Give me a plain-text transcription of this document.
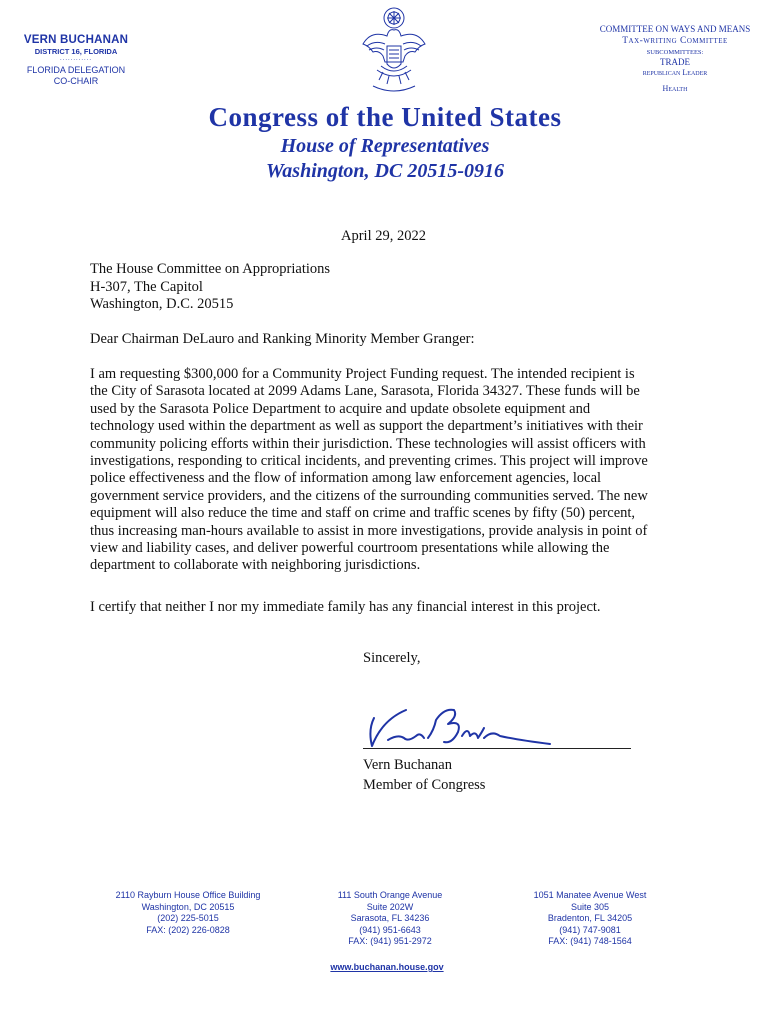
VERN BUCHANAN
DISTRICT 16, FLORIDA
............
FLORIDA DELEGATION
CO-CHAIR
COMMITTEE ON WAYS AND MEANS
Tax-writing Committee
SUBCOMMITTEES:
TRADE
republican Leader
Health
Congress of the United States
House of Representatives
Washington, DC 20515-0916
April 29, 2022
The House Committee on Appropriations
H-307, The Capitol
Washington, D.C. 20515
Dear Chairman DeLauro and Ranking Minority Member Granger:
I am requesting $300,000 for a Community Project Funding request. The intended recipient is
the City of Sarasota located at 2099 Adams Lane, Sarasota, Florida 34327. These funds will be
used by the Sarasota Police Department to acquire and update obsolete equipment and
technology used within the department as well as support the department’s initiatives with their
community policing efforts within their jurisdiction. These technologies will assist officers with
investigations, responding to critical incidents, and preventing crimes. This project will improve
police effectiveness and the flow of information among law enforcement agencies, local
government service providers, and the citizens of the surrounding communities served. The new
equipment will also reduce the time and staff on crime and traffic scenes by fifty (50) percent,
thus increasing man-hours available to assist in more investigations, provide analysis in point of
view and liability cases, and deliver powerful courtroom presentations while allowing the
department to collaborate with neighboring jurisdictions.
I certify that neither I nor my immediate family has any financial interest in this project.
Sincerely,
Vern Buchanan
Member of Congress
2110 Rayburn House Office Building
Washington, DC 20515
(202) 225-5015
FAX: (202) 226-0828
111 South Orange Avenue
Suite 202W
Sarasota, FL 34236
(941) 951-6643
FAX: (941) 951-2972
1051 Manatee Avenue West
Suite 305
Bradenton, FL 34205
(941) 747-9081
FAX: (941) 748-1564
www.buchanan.house.gov
